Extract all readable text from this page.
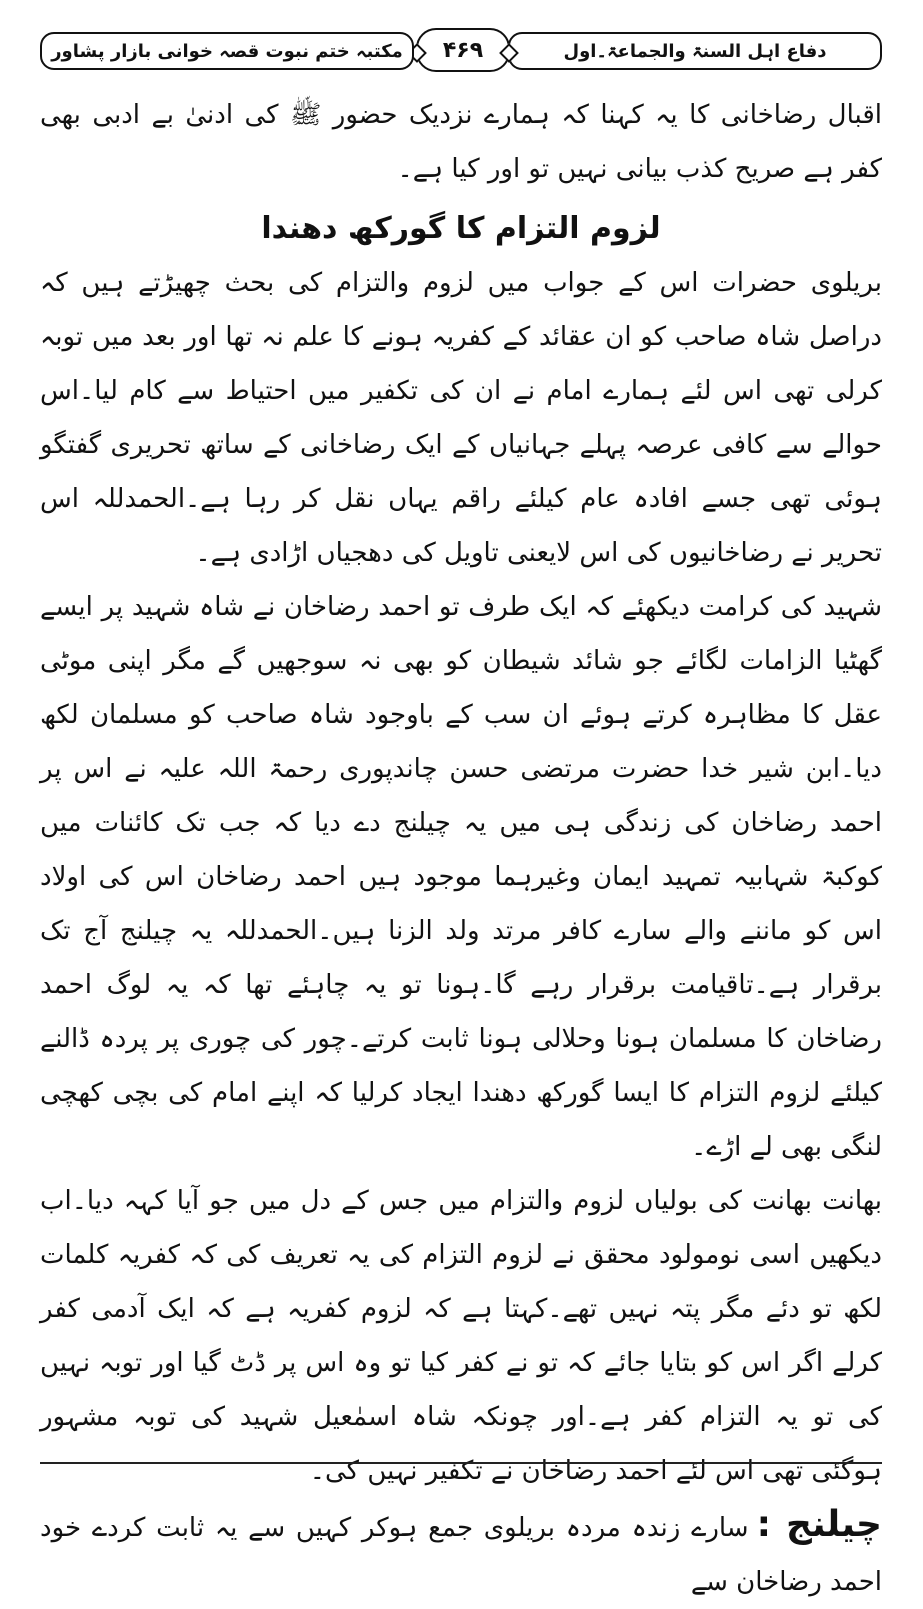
دفاع اہل السنۃ والجماعۃ۔اول
۴۶۹
مکتبہ ختم نبوت قصہ خوانی بازار پشاور

اقبال رضاخانی کا یہ کہنا کہ ہمارے نزدیک حضور ﷺ کی ادنیٰ بے ادبی بھی کفر ہے صریح کذب بیانی نہیں تو اور کیا ہے۔

لزوم التزام کا گورکھ دھندا

بریلوی حضرات اس کے جواب میں لزوم والتزام کی بحث چھیڑتے ہیں کہ دراصل شاہ صاحب کو ان عقائد کے کفریہ ہونے کا علم نہ تھا اور بعد میں توبہ کرلی تھی اس لئے ہمارے امام نے ان کی تکفیر میں احتیاط سے کام لیا۔اس حوالے سے کافی عرصہ پہلے جہانیاں کے ایک رضاخانی کے ساتھ تحریری گفتگو ہوئی تھی جسے افادہ عام کیلئے راقم یہاں نقل کر رہا ہے۔الحمدللہ اس تحریر نے رضاخانیوں کی اس لایعنی تاویل کی دھجیاں اڑادی ہے۔

شہید کی کرامت دیکھئے کہ ایک طرف تو احمد رضاخان نے شاہ شہید پر ایسے گھٹیا الزامات لگائے جو شائد شیطان کو بھی نہ سوجھیں گے مگر اپنی موٹی عقل کا مظاہرہ کرتے ہوئے ان سب کے باوجود شاہ صاحب کو مسلمان لکھ دیا۔ابن شیر خدا حضرت مرتضی حسن چاندپوری رحمۃ اللہ علیہ نے اس پر احمد رضاخان کی زندگی ہی میں یہ چیلنج دے دیا کہ جب تک کائنات میں کوکبۃ شہابیہ تمہید ایمان وغیرہما موجود ہیں احمد رضاخان اس کی اولاد اس کو ماننے والے سارے کافر مرتد ولد الزنا ہیں۔الحمدللہ یہ چیلنج آج تک برقرار ہے۔تاقیامت برقرار رہے گا۔ہونا تو یہ چاہئے تھا کہ یہ لوگ احمد رضاخان کا مسلمان ہونا وحلالی ہونا ثابت کرتے۔چور کی چوری پر پردہ ڈالنے کیلئے لزوم التزام کا ایسا گورکھ دھندا ایجاد کرلیا کہ اپنے امام کی بچی کھچی لنگی بھی لے اڑے۔

بھانت بھانت کی بولیاں لزوم والتزام میں جس کے دل میں جو آیا کہہ دیا۔اب دیکھیں اسی نومولود محقق نے لزوم التزام کی یہ تعریف کی کہ کفریہ کلمات لکھ تو دئے مگر پتہ نہیں تھے۔کہتا ہے کہ لزوم کفریہ ہے کہ ایک آدمی کفر کرلے اگر اس کو بتایا جائے کہ تو نے کفر کیا تو وہ اس پر ڈٹ گیا اور توبہ نہیں کی تو یہ التزام کفر ہے۔اور چونکہ شاہ اسمٰعیل شہید کی توبہ مشہور ہوگئی تھی اس لئے احمد رضاخان نے تکفیر نہیں کی۔

چیلنج :سارے زندہ مردہ بریلوی جمع ہوکر کہیں سے یہ ثابت کردے خود احمد رضاخان سے
